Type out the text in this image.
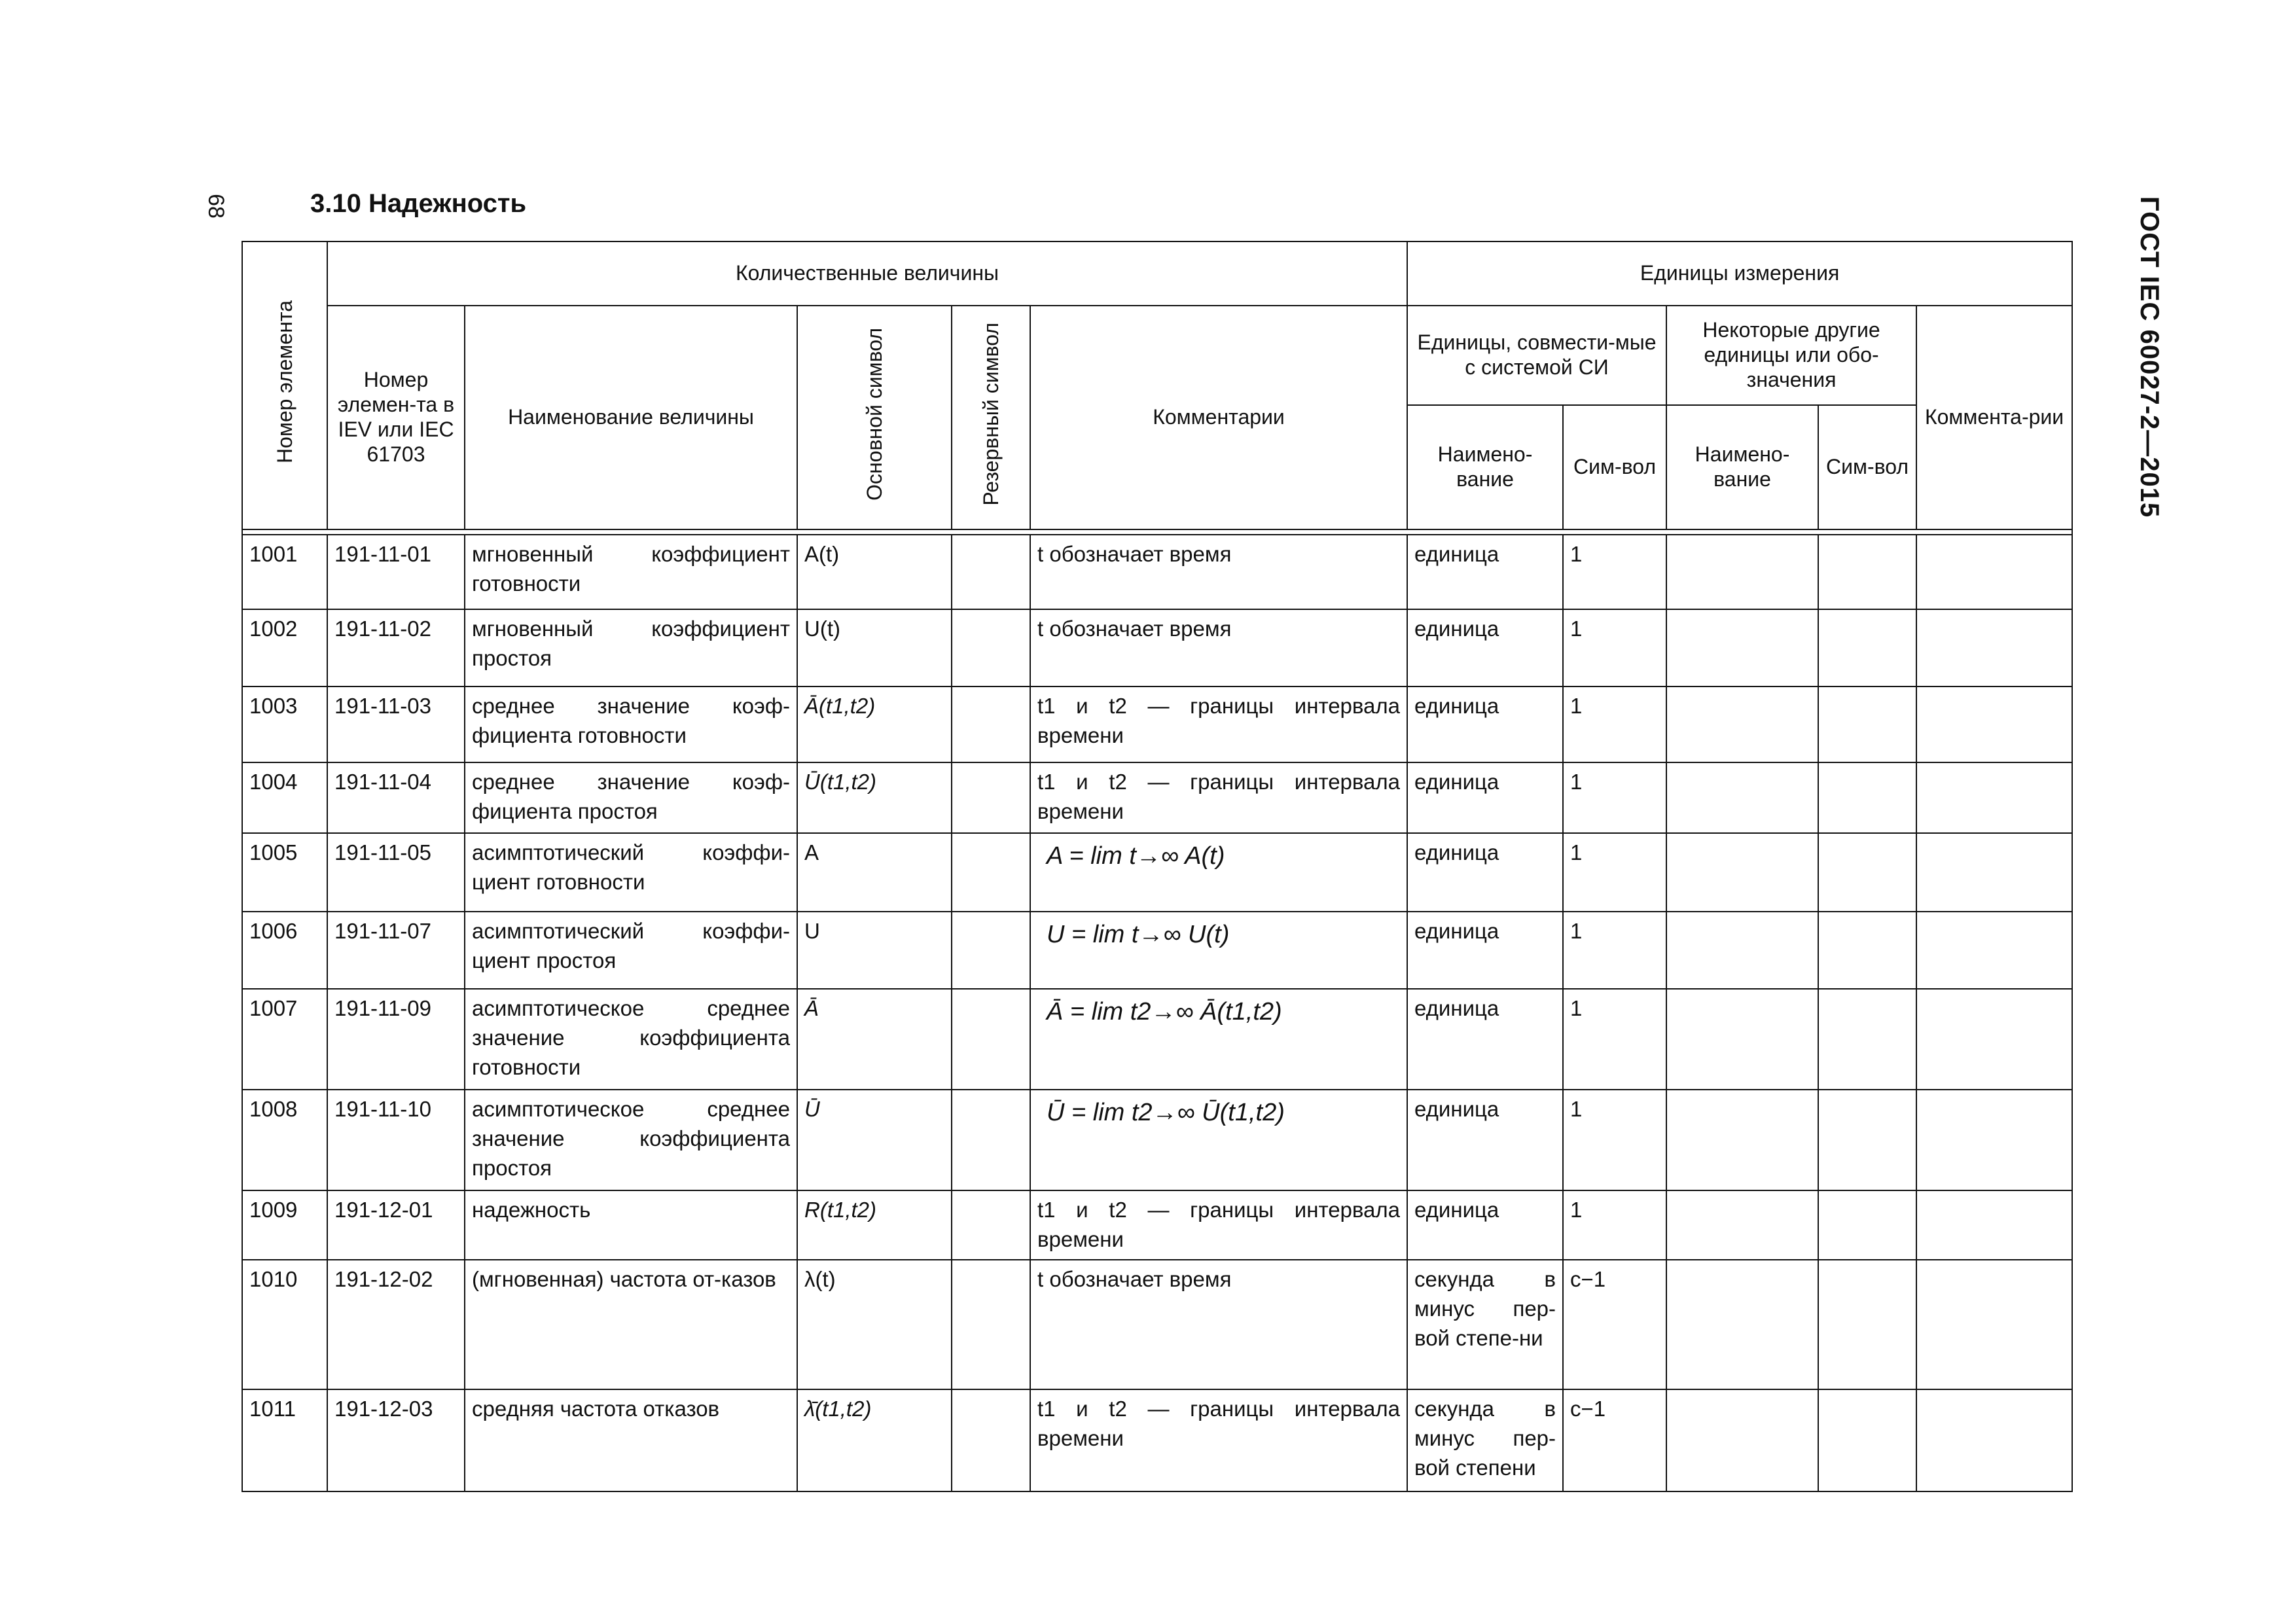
68	3.10 Надежность	ГОСТ IEC 60027-2—2015
Номер элемента	Количественные величины					Единицы измерения				
	Номер элемен-та в IEV или IEC 61703	Наименование величины	Основной символ	Резервный символ	Комментарии	Единицы, совмести-мые с системой СИ		Некоторые другие единицы или обо-значения		Коммента-рии
						Наимено-вание	Сим-вол	Наимено-вание	Сим-вол	

1001	191-11-01	мгновенный коэффициент готовности	A(t)		t обозначает время	единица	1			
1002	191-11-02	мгновенный коэффициент простоя	U(t)		t обозначает время	единица	1			
1003	191-11-03	среднее значение коэф-фициента готовности	Ā(t1,t2)		t1 и t2 — границы интервала времени	единица	1			
1004	191-11-04	среднее значение коэф-фициента простоя	Ū(t1,t2)		t1 и t2 — границы интервала времени	единица	1			
1005	191-11-05	асимптотический коэффи-циент готовности	A		A = lim t→∞ A(t)	единица	1			
1006	191-11-07	асимптотический коэффи-циент простоя	U		U = lim t→∞ U(t)	единица	1			
1007	191-11-09	асимптотическое среднее значение коэффициента готовности	Ā		Ā = lim t2→∞ Ā(t1,t2)	единица	1			
1008	191-11-10	асимптотическое среднее значение коэффициента простоя	Ū		Ū = lim t2→∞ Ū(t1,t2)	единица	1			
1009	191-12-01	надежность	R(t1,t2)		t1 и t2 — границы интервала времени	единица	1			
1010	191-12-02	(мгновенная) частота от-казов	λ(t)		t обозначает время	секунда в минус пер-вой степе-ни	с−1			
1011	191-12-03	средняя частота отказов	λ̄(t1,t2)		t1 и t2 — границы интервала времени	секунда в минус пер-вой степени	с−1			
